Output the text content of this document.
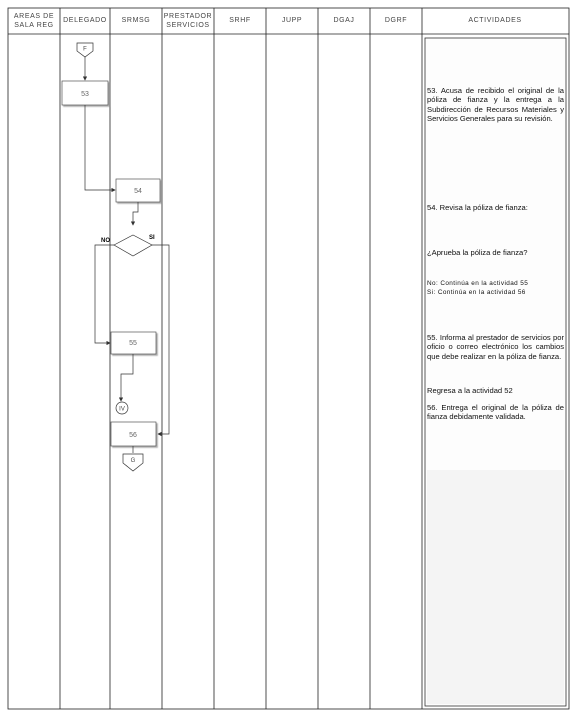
AREAS DE
SALA REG
DELEGADO SRMSG
PRESTADOR
SERVICIOS
SRHF	JUPP	DGAJ	DGRF	ACTIVIDADES
F
53
54
NO	SI
55
IV
56
G
53. Acusa de recibido el original de la póliza de fianza y la entrega a la Subdirección de Recursos Materiales y Servicios Generales para su revisión.
54. Revisa la póliza de fianza:
¿Aprueba la póliza de fianza?
No: Continúa en la actividad 55
Si: Continúa en la actividad 56
55. Informa al prestador de servicios por oficio o correo electrónico los cambios que debe realizar en la póliza de fianza.
Regresa a la actividad 52
56. Entrega el original de la póliza de fianza debidamente validada.
